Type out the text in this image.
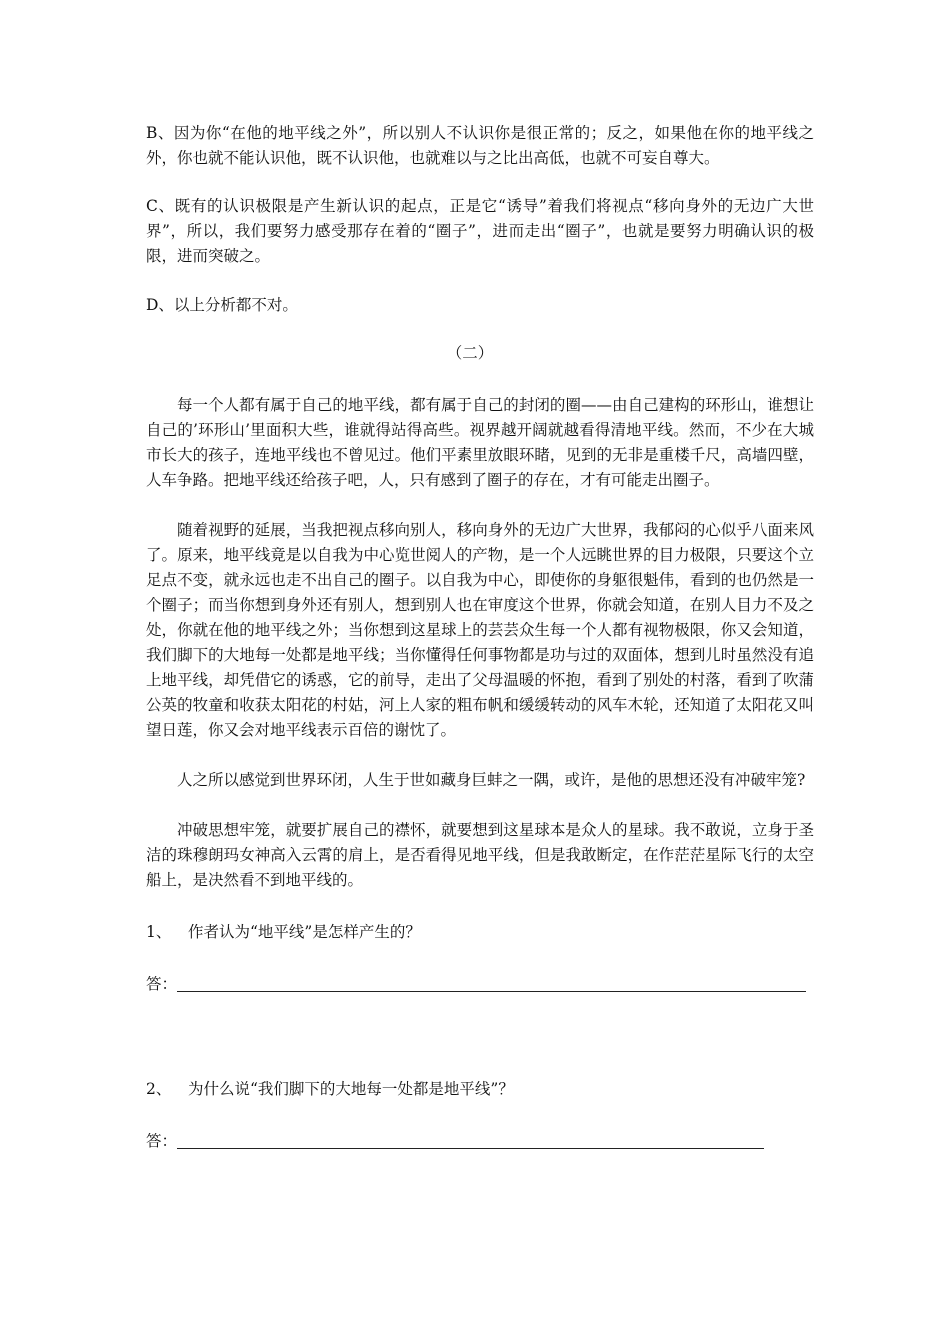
B、因为你“在他的地平线之外”，所以别人不认识你是很正常的；反之，如果他在你的地平线之外，你也就不能认识他，既不认识他，也就难以与之比出高低，也就不可妄自尊大。

C、既有的认识极限是产生新认识的起点，正是它“诱导”着我们将视点“移向身外的无边广大世界”，所以，我们要努力感受那存在着的“圈子”，进而走出“圈子”，也就是要努力明确认识的极限，进而突破之。

D、以上分析都不对。

（二）

每一个人都有属于自己的地平线，都有属于自己的封闭的圈——由自己建构的环形山，谁想让自己的’环形山’里面积大些，谁就得站得高些。视界越开阔就越看得清地平线。然而，不少在大城市长大的孩子，连地平线也不曾见过。他们平素里放眼环睹，见到的无非是重楼千尺，高墙四壁，人车争路。把地平线还给孩子吧，人，只有感到了圈子的存在，才有可能走出圈子。

随着视野的延展，当我把视点移向别人，移向身外的无边广大世界，我郁闷的心似乎八面来风了。原来，地平线竟是以自我为中心览世阅人的产物，是一个人远眺世界的目力极限，只要这个立足点不变，就永远也走不出自己的圈子。以自我为中心，即使你的身躯很魁伟，看到的也仍然是一个圈子；而当你想到身外还有别人，想到别人也在审度这个世界，你就会知道，在别人目力不及之处，你就在他的地平线之外；当你想到这星球上的芸芸众生每一个人都有视物极限，你又会知道，我们脚下的大地每一处都是地平线；当你懂得任何事物都是功与过的双面体，想到儿时虽然没有追上地平线，却凭借它的诱惑，它的前导，走出了父母温暖的怀抱，看到了别处的村落，看到了吹蒲公英的牧童和收获太阳花的村姑，河上人家的粗布帆和缓缓转动的风车木轮，还知道了太阳花又叫望日莲，你又会对地平线表示百倍的谢忱了。

人之所以感觉到世界环闭，人生于世如藏身巨蚌之一隅，或许，是他的思想还没有冲破牢笼?

冲破思想牢笼，就要扩展自己的襟怀，就要想到这星球本是众人的星球。我不敢说，立身于圣洁的珠穆朗玛女神高入云霄的肩上，是否看得见地平线，但是我敢断定，在作茫茫星际飞行的太空船上，是决然看不到地平线的。

1、 作者认为“地平线”是怎样产生的？

答：

2、 为什么说“我们脚下的大地每一处都是地平线”？

答：
